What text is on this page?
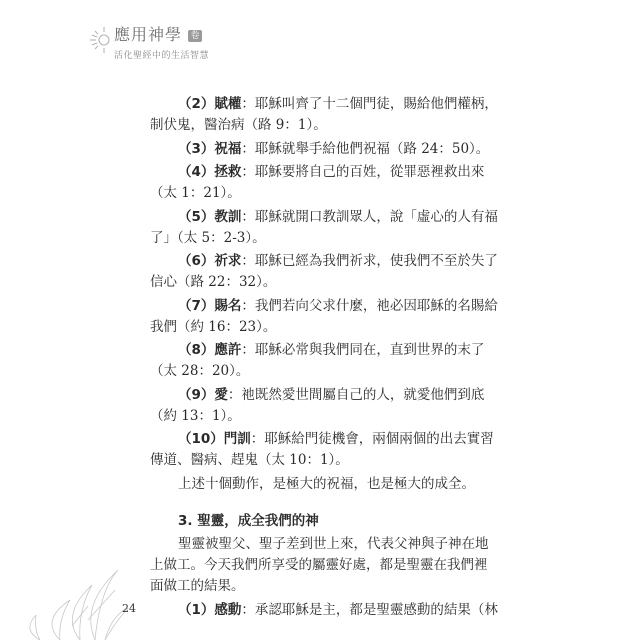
應用神學 卷三
活化聖經中的生活智慧
（2）賦權：耶穌叫齊了十二個門徒，賜給他們權柄，
制伏鬼，醫治病（路 9：1）。
（3）祝福：耶穌就舉手給他們祝福（路 24：50）。
（4）拯救：耶穌要將自己的百姓，從罪惡裡救出來
（太 1：21）。
（5）教訓：耶穌就開口教訓眾人，說「虛心的人有福
了」（太 5：2-3）。
（6）祈求：耶穌已經為我們祈求，使我們不至於失了
信心（路 22：32）。
（7）賜名：我們若向父求什麼，祂必因耶穌的名賜給
我們（約 16：23）。
（8）應許：耶穌必常與我們同在，直到世界的末了
（太 28：20）。
（9）愛：祂既然愛世間屬自己的人，就愛他們到底
（約 13：1）。
（10）門訓：耶穌給門徒機會，兩個兩個的出去實習
傳道、醫病、趕鬼（太 10：1）。
上述十個動作，是極大的祝福，也是極大的成全。
3. 聖靈，成全我們的神
聖靈被聖父、聖子差到世上來，代表父神與子神在地
上做工。今天我們所享受的屬靈好處，都是聖靈在我們裡
面做工的結果。
（1）感動：承認耶穌是主，都是聖靈感動的結果（林
24
